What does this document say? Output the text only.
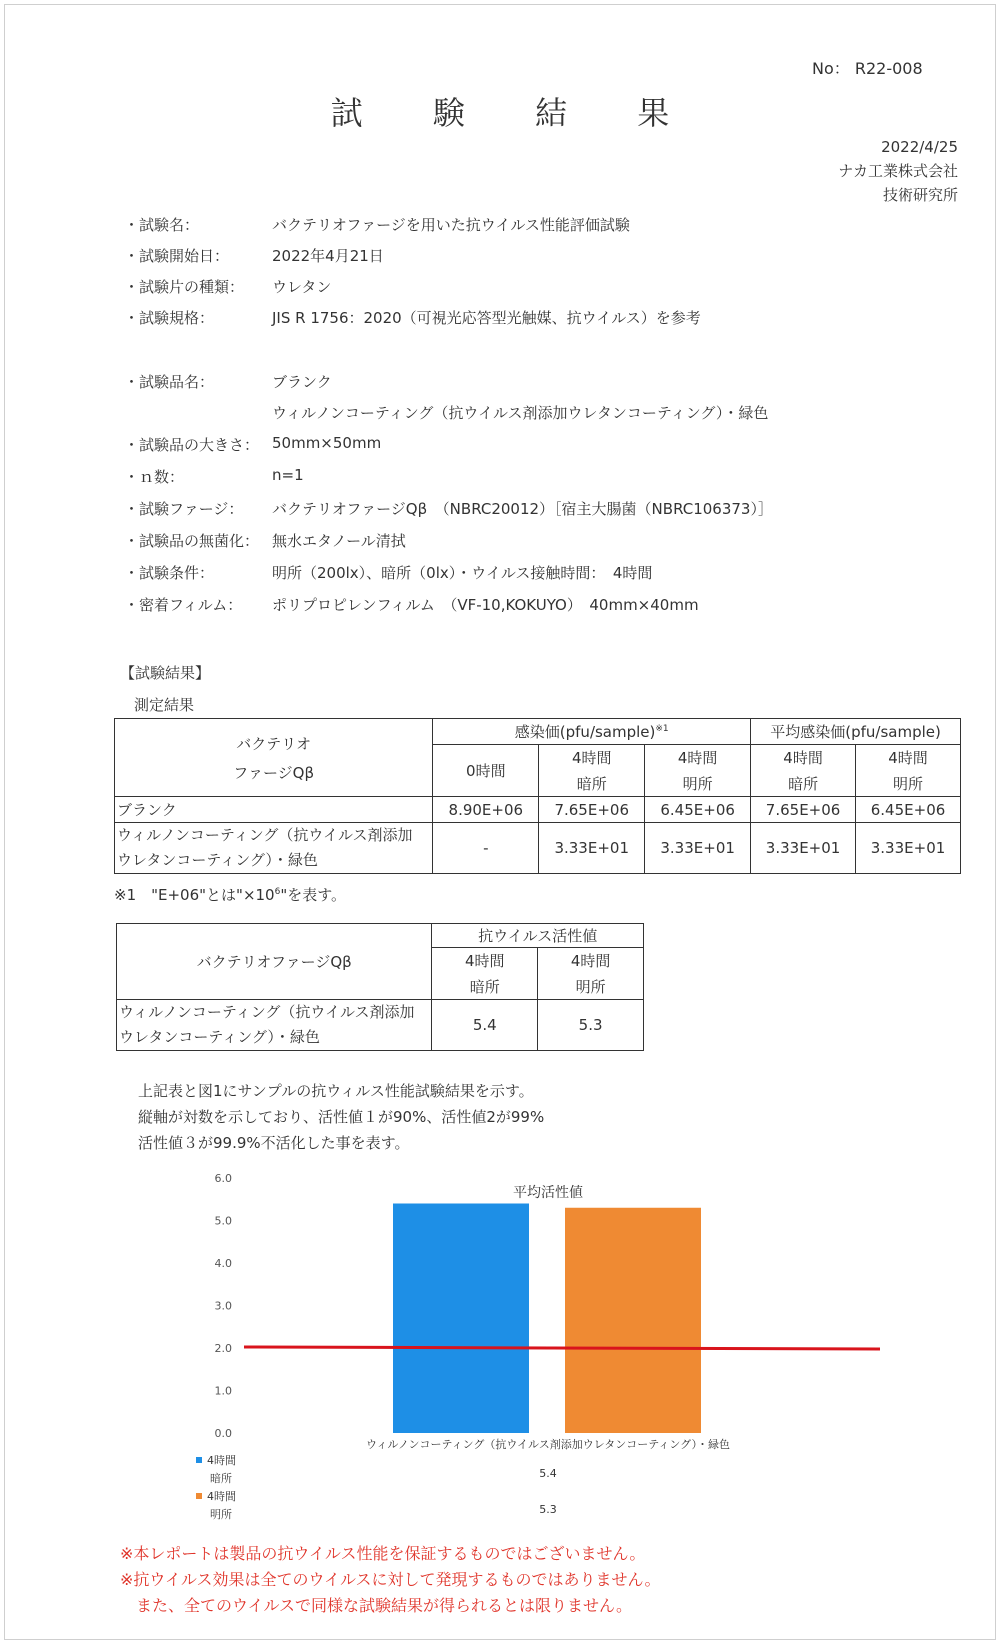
No： R22-008
試 験 結 果
2022/4/25
ナカ工業株式会社
技術研究所
・試験名：	バクテリオファージを用いた抗ウイルス性能評価試験
・試験開始日：	2022年4月21日
・試験片の種類： ウレタン
・試験規格：	JIS R 1756：2020（可視光応答型光触媒、抗ウイルス）を参考
・試験品名：	ブランク
ウィルノンコーティング（抗ウイルス剤添加ウレタンコーティング）・緑色
・試験品の大きさ： 50mm×50mm
・ｎ数：	n=1
・試験ファージ： バクテリオファージQβ　（NBRC20012）［宿主大腸菌（NBRC106373）］
・試験品の無菌化： 無水エタノール清拭
・試験条件：	明所（200lx）、暗所（0lx）・ウイルス接触時間：　4時間
・密着フィルム： ポリプロピレンフィルム　（VF-10,KOKUYO）　40mm×40mm
【試験結果】
測定結果
バクテリオ
ファージQβ	感染価(pfu/sample)$^{※1}$			平均感染価(pfu/sample)	
	0時間	4時間	4時間	4時間	4時間
		暗所	明所	暗所	明所
ブランク	8.90E+06	7.65E+06	6.45E+06	7.65E+06	6.45E+06

ウィルノンコーティング（抗ウイルス剤添加
ウレタンコーティング）・緑色	-	3.33E+01	3.33E+01	3.33E+01	3.33E+01
※1　"E+06"とは"$\times 10^6$"を表す。
バクテリオファージQβ	抗ウイルス活性値	
	4時間	4時間
	暗所	明所

ウィルノンコーティング（抗ウイルス剤添加
ウレタンコーティング）・緑色	5.4	5.3
上記表と図1にサンプルの抗ウィルス性能試験結果を示す。
縦軸が対数を示しており、活性値１が90%、活性値2が99%
活性値３が99.9%不活化した事を表す。
平均活性値
0.0
1.0
2.0
3.0
4.0
5.0
6.0
ウィルノンコーティング（抗ウイルス剤添加ウレタンコーティング）・緑色
4時間
暗所	5.4
4時間
明所	5.3
※本レポートは製品の抗ウイルス性能を保証するものではございません。
※抗ウイルス効果は全てのウイルスに対して発現するものではありません。
　また、全てのウイルスで同様な試験結果が得られるとは限りません。
